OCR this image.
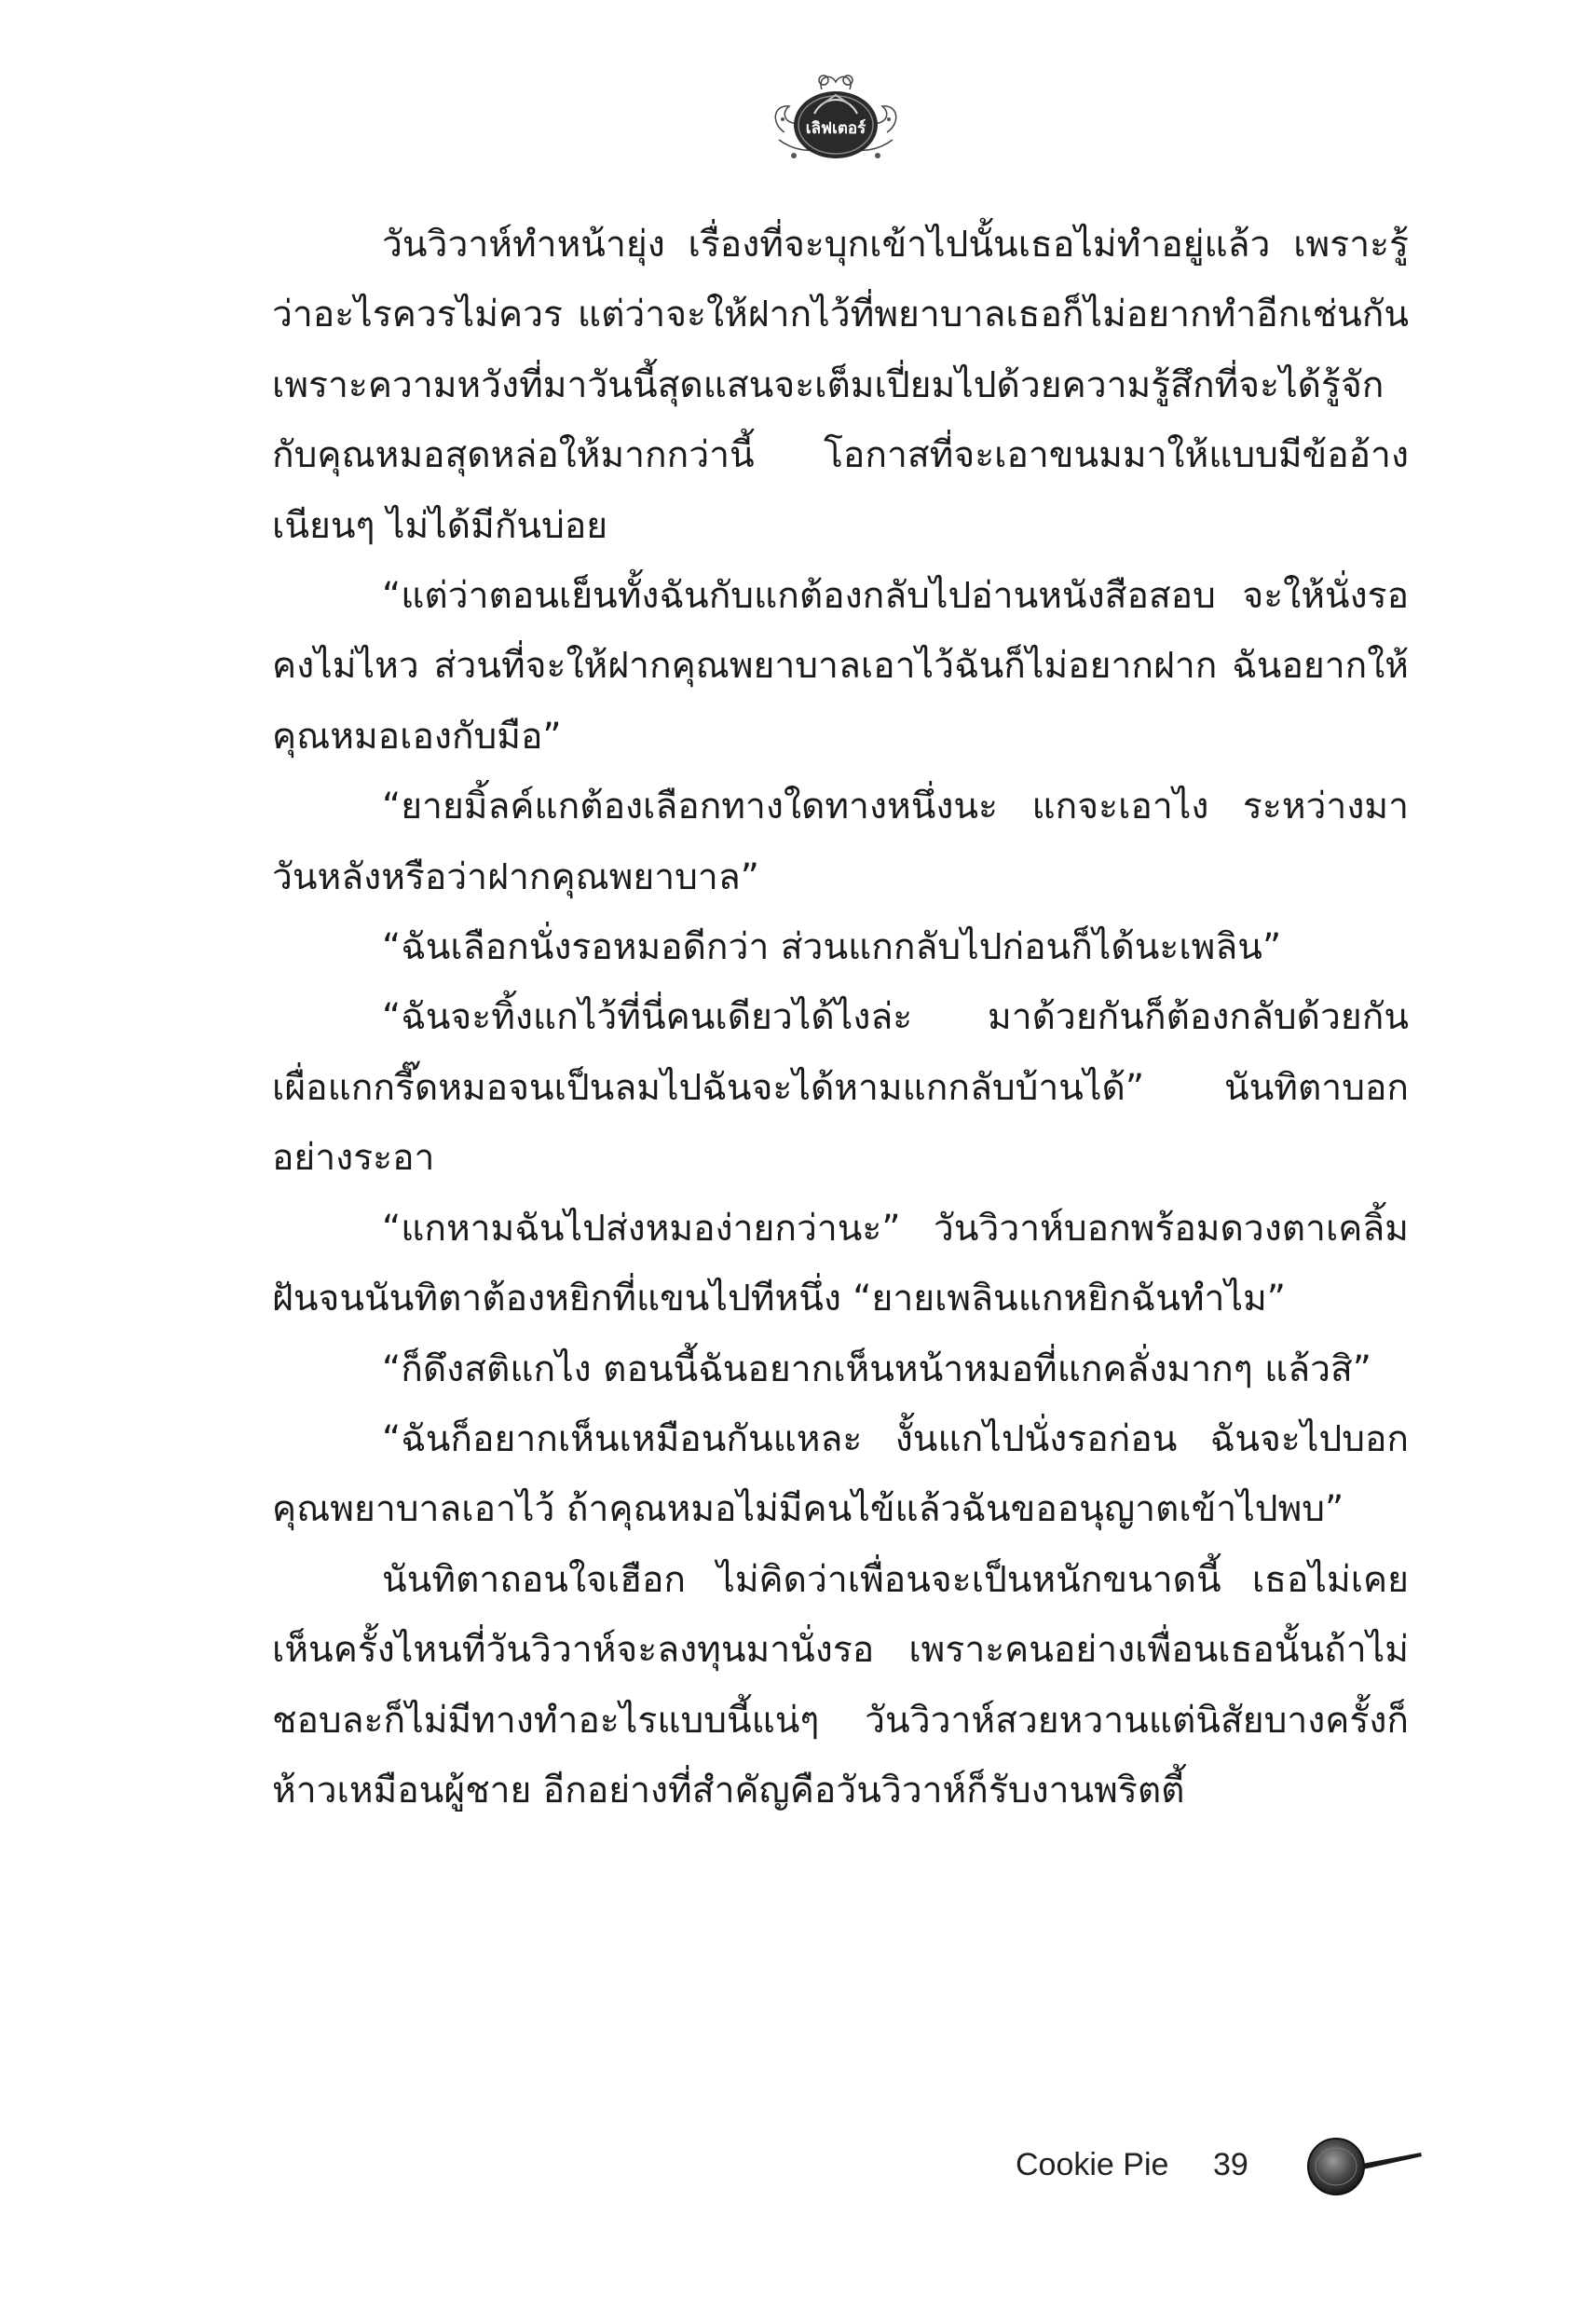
เลิฟเตอร์

วันวิวาห์ทำหน้ายุ่ง เรื่องที่จะบุกเข้าไปนั้นเธอไม่ทำอยู่แล้ว เพราะรู้ว่าอะไรควรไม่ควร แต่ว่าจะให้ฝากไว้ที่พยาบาลเธอก็ไม่อยากทำอีกเช่นกัน เพราะความหวังที่มาวันนี้สุดแสนจะเต็มเปี่ยมไปด้วยความรู้สึกที่จะได้รู้จักกับคุณหมอสุดหล่อให้มากกว่านี้ โอกาสที่จะเอาขนมมาให้แบบมีข้ออ้างเนียนๆ ไม่ได้มีกันบ่อย

“แต่ว่าตอนเย็นทั้งฉันกับแกต้องกลับไปอ่านหนังสือสอบ จะให้นั่งรอคงไม่ไหว ส่วนที่จะให้ฝากคุณพยาบาลเอาไว้ฉันก็ไม่อยากฝาก ฉันอยากให้คุณหมอเองกับมือ”

“ยายมิ้ลค์แกต้องเลือกทางใดทางหนึ่งนะ แกจะเอาไง ระหว่างมาวันหลังหรือว่าฝากคุณพยาบาล”

“ฉันเลือกนั่งรอหมอดีกว่า ส่วนแกกลับไปก่อนก็ได้นะเพลิน”

“ฉันจะทิ้งแกไว้ที่นี่คนเดียวได้ไงล่ะ มาด้วยกันก็ต้องกลับด้วยกัน เผื่อแกกรี๊ดหมอจนเป็นลมไปฉันจะได้หามแกกลับบ้านได้” นันทิตาบอกอย่างระอา

“แกหามฉันไปส่งหมอง่ายกว่านะ” วันวิวาห์บอกพร้อมดวงตาเคลิ้มฝันจนนันทิตาต้องหยิกที่แขนไปทีหนึ่ง “ยายเพลินแกหยิกฉันทำไม”

“ก็ดึงสติแกไง ตอนนี้ฉันอยากเห็นหน้าหมอที่แกคลั่งมากๆ แล้วสิ”

“ฉันก็อยากเห็นเหมือนกันแหละ งั้นแกไปนั่งรอก่อน ฉันจะไปบอกคุณพยาบาลเอาไว้ ถ้าคุณหมอไม่มีคนไข้แล้วฉันขออนุญาตเข้าไปพบ”

นันทิตาถอนใจเฮือก ไม่คิดว่าเพื่อนจะเป็นหนักขนาดนี้ เธอไม่เคยเห็นครั้งไหนที่วันวิวาห์จะลงทุนมานั่งรอ เพราะคนอย่างเพื่อนเธอนั้นถ้าไม่ชอบละก็ไม่มีทางทำอะไรแบบนี้แน่ๆ วันวิวาห์สวยหวานแต่นิสัยบางครั้งก็ห้าวเหมือนผู้ชาย อีกอย่างที่สำคัญคือวันวิวาห์ก็รับงานพริตตี้

Cookie Pie 39
